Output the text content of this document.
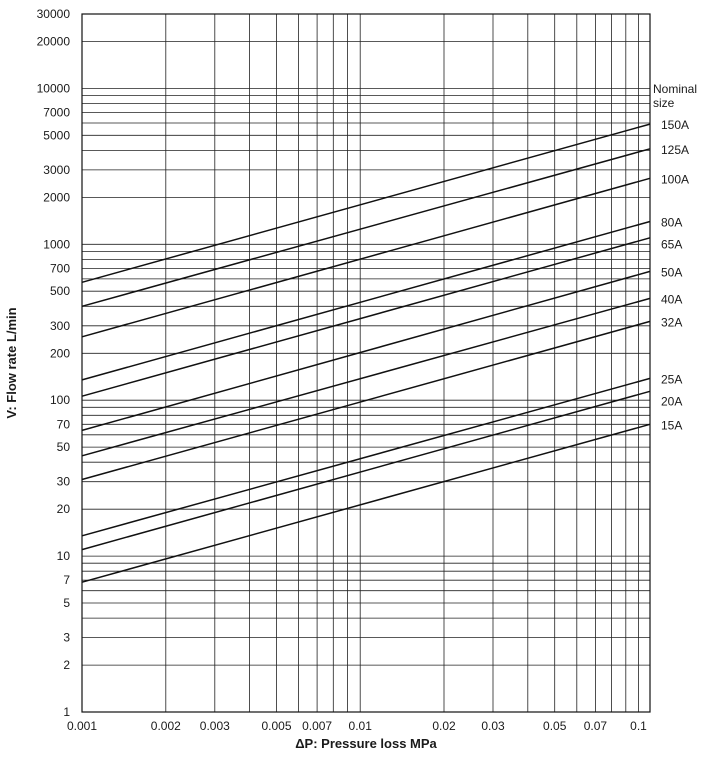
0.001	0.002 0.003	0.005 0.007 0.01	0.02 0.03	0.05 0.07 0.1
1
2
3
5
7
10
20
30
50
70
100
200
300
500
700
1000
2000
3000
5000
7000
10000
20000
30000
150A
125A
100A
80A
65A
50A
40A
32A
25A
20A
15A
Nominal
size
ΔP: Pressure loss MPa
V: Flow rate L/min
